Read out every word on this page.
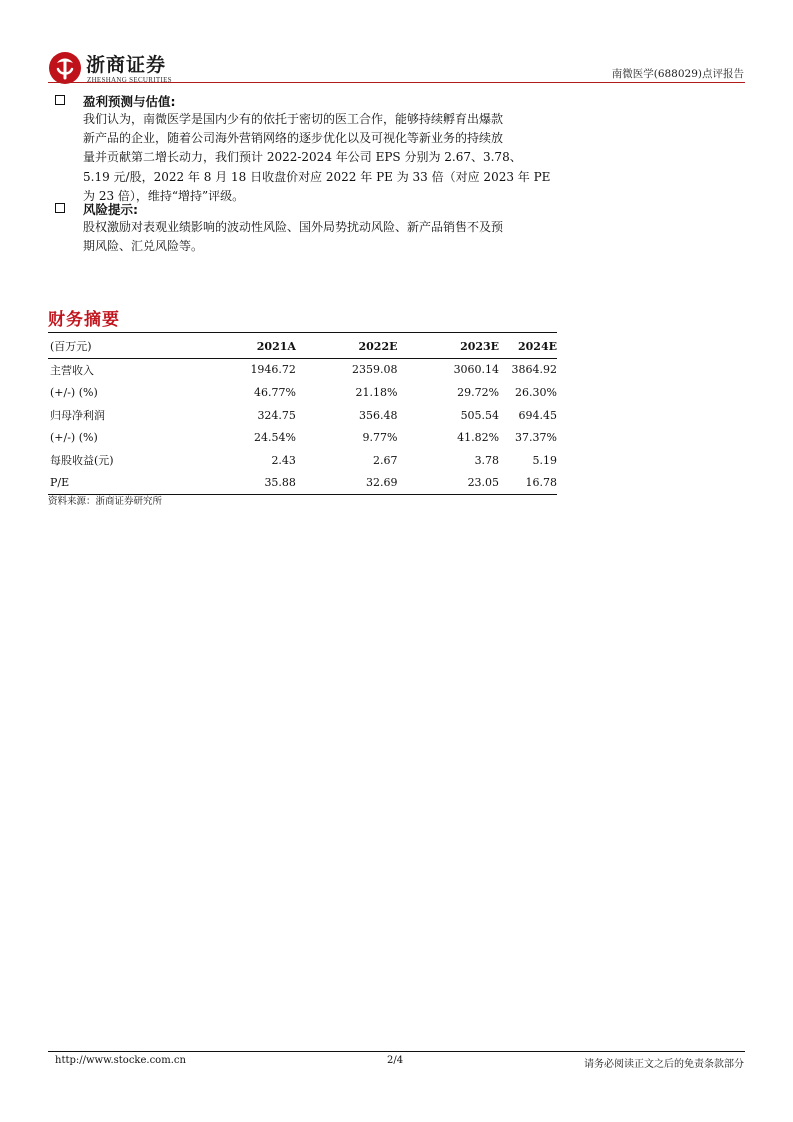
浙商证券
ZHESHANG SECURITIES	南微医学(688029)点评报告
盈利预测与估值:

我们认为，南微医学是国内少有的依托于密切的医工合作，能够持续孵育出爆款

新产品的企业，随着公司海外营销网络的逐步优化以及可视化等新业务的持续放

量并贡献第二增长动力，我们预计 2022-2024 年公司 EPS 分别为 2.67、3.78、

5.19 元/股，2022 年 8 月 18 日收盘价对应 2022 年 PE 为 33 倍（对应 2023 年 PE

为 23 倍），维持“增持”评级。

风险提示:

股权激励对表观业绩影响的波动性风险、国外局势扰动风险、新产品销售不及预

期风险、汇兑风险等。

财务摘要
(百万元)	2021A	2022E	2023E	2024E
主营收入	1946.72	2359.08	3060.14	3864.92
(+/-) (%)	46.77%	21.18%	29.72%	26.30%
归母净利润	324.75	356.48	505.54	694.45
(+/-) (%)	24.54%	9.77%	41.82%	37.37%
每股收益(元)	2.43	2.67	3.78	5.19
P/E	35.88	32.69	23.05	16.78
资料来源：浙商证券研究所
http://www.stocke.com.cn	2/4	请务必阅读正文之后的免责条款部分
